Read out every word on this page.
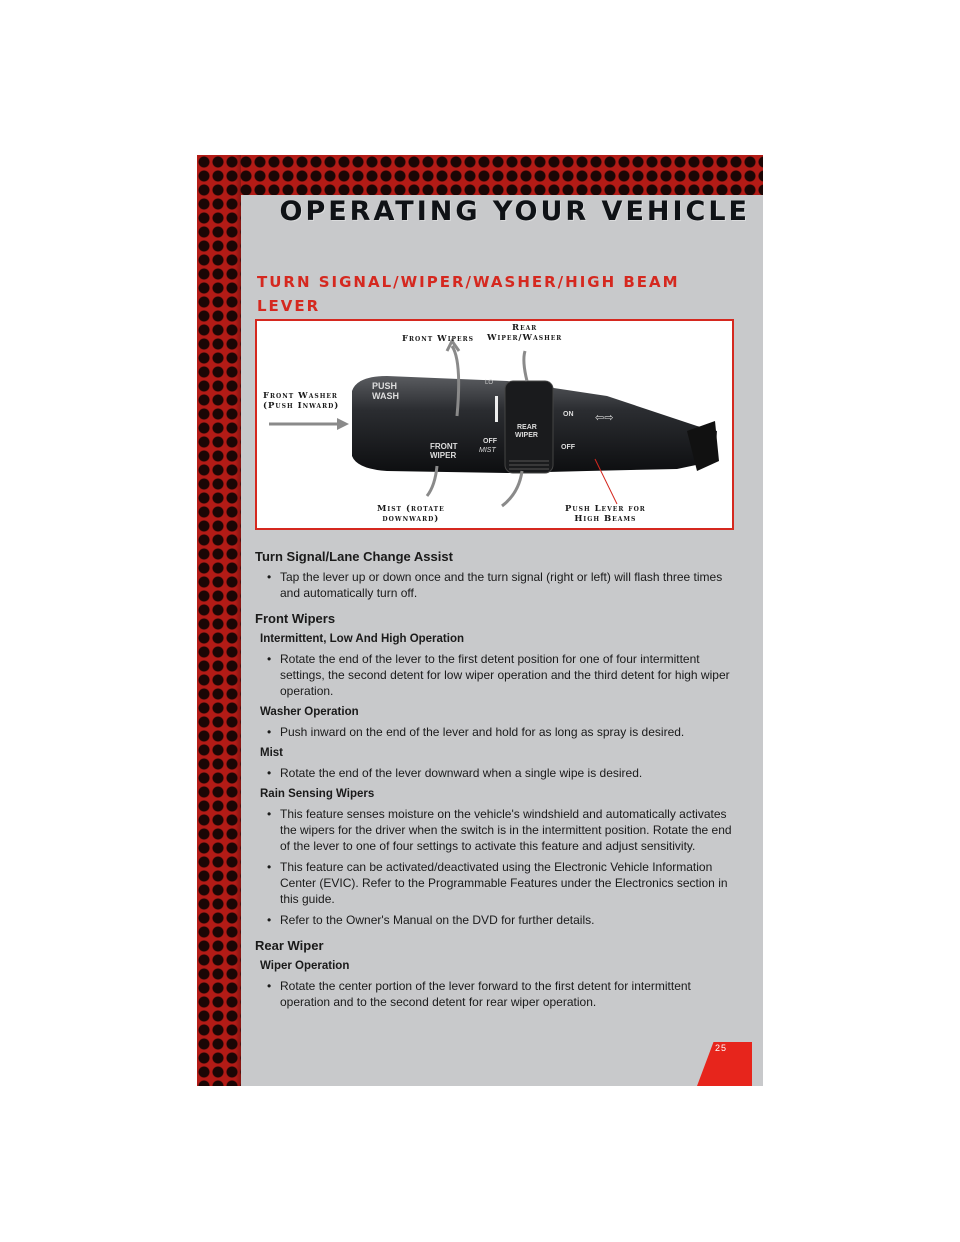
OPERATING YOUR VEHICLE
TURN SIGNAL/WIPER/WASHER/HIGH BEAM LEVER
PUSH
WASH
LO
FRONT
WIPER
OFF
MIST
REAR
WIPER
ON
OFF
⇦⇨
Front Wipers
Rear
Wiper/Washer
Front Washer
(Push Inward)
Mist (rotate
downward)
Push Lever for
High Beams
Turn Signal/Lane Change Assist
• Tap the lever up or down once and the turn signal (right or left) will flash three times and automatically turn off.
Front Wipers
Intermittent, Low And High Operation
• Rotate the end of the lever to the first detent position for one of four intermittent settings, the second detent for low wiper operation and the third detent for high wiper operation.
Washer Operation
• Push inward on the end of the lever and hold for as long as spray is desired.
Mist
• Rotate the end of the lever downward when a single wipe is desired.
Rain Sensing Wipers
• This feature senses moisture on the vehicle's windshield and automatically activates the wipers for the driver when the switch is in the intermittent position. Rotate the end of the lever to one of four settings to activate this feature and adjust sensitivity.
• This feature can be activated/deactivated using the Electronic Vehicle Information Center (EVIC). Refer to the Programmable Features under the Electronics section in this guide.
• Refer to the Owner's Manual on the DVD for further details.
Rear Wiper
Wiper Operation
• Rotate the center portion of the lever forward to the first detent for intermittent operation and to the second detent for rear wiper operation.
25
